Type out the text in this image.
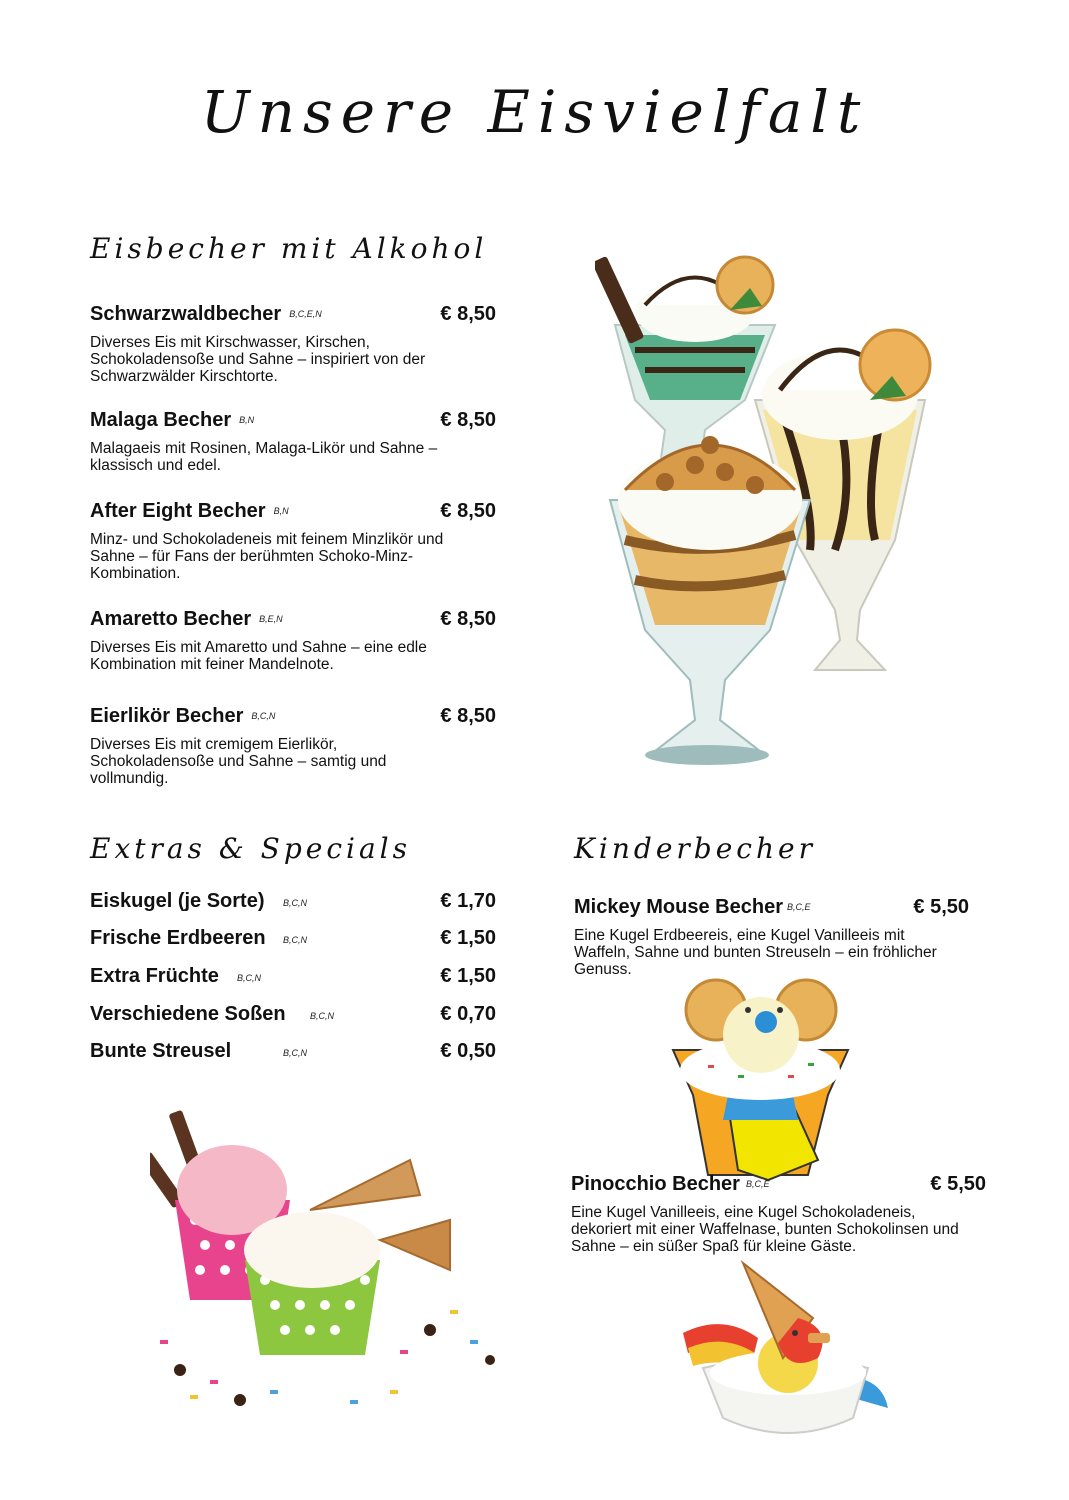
Unsere Eisvielfalt
Eisbecher mit Alkohol
Schwarzwaldbecher B,C,E,N	€ 8,50
Diverses Eis mit Kirschwasser, Kirschen, Schokoladensoße und Sahne – inspiriert von der Schwarzwälder Kirschtorte.
Malaga Becher B,N	€ 8,50
Malagaeis mit Rosinen, Malaga-Likör und Sahne – klassisch und edel.
After Eight Becher B,N	€ 8,50
Minz- und Schokoladeneis mit feinem Minzlikör und Sahne – für Fans der berühmten Schoko-Minz-Kombination.
Amaretto Becher B,E,N	€ 8,50
Diverses Eis mit Amaretto und Sahne – eine edle Kombination mit feiner Mandelnote.
Eierlikör Becher B,C,N	€ 8,50
Diverses Eis mit cremigem Eierlikör, Schokoladensoße und Sahne – samtig und vollmundig.
Extras & Specials
Eiskugel (je Sorte) B,C,N	€ 1,70
Frische Erdbeeren B,C,N	€ 1,50
Extra Früchte B,C,N	€ 1,50
Verschiedene Soßen	B,C,N	€ 0,70
Bunte Streusel	B,C,N	€ 0,50
Kinderbecher
Mickey Mouse Becher B,C,E	€ 5,50
Eine Kugel Erdbeereis, eine Kugel Vanilleeis mit Waffeln, Sahne und bunten Streuseln – ein fröhlicher Genuss.
Pinocchio Becher B,C,E	€ 5,50
Eine Kugel Vanilleeis, eine Kugel Schokoladeneis, dekoriert mit einer Waffelnase, bunten Schokolinsen und Sahne – ein süßer Spaß für kleine Gäste.
